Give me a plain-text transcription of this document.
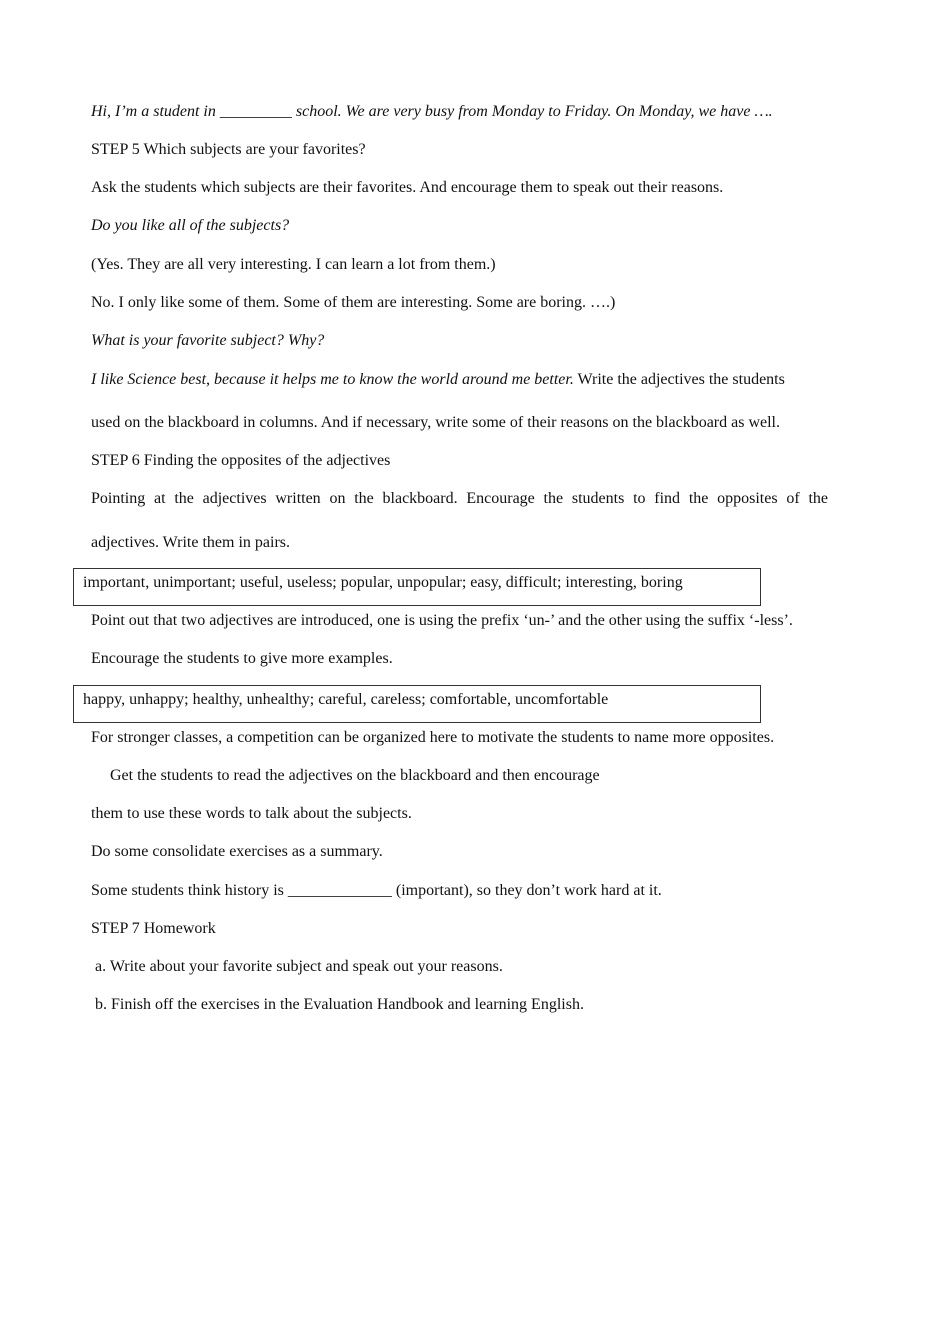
Hi, I’m a student in _________ school. We are very busy from Monday to Friday. On Monday, we have ….
STEP 5 Which subjects are your favorites?
Ask the students which subjects are their favorites. And encourage them to speak out their reasons.
Do you like all of the subjects?
(Yes. They are all very interesting. I can learn a lot from them.)
No. I only like some of them. Some of them are interesting. Some are boring. ….)
What is your favorite subject? Why?
I like Science best, because it helps me to know the world around me better. Write the adjectives the students
used on the blackboard in columns. And if necessary, write some of their reasons on the blackboard as well.
STEP 6 Finding the opposites of the adjectives
Pointing at the adjectives written on the blackboard. Encourage the students to find the opposites of the
adjectives. Write them in pairs.
important, unimportant; useful, useless; popular, unpopular; easy, difficult; interesting, boring
Point out that two adjectives are introduced, one is using the prefix ‘un-’ and the other using the suffix ‘-less’.
Encourage the students to give more examples.
happy, unhappy; healthy, unhealthy; careful, careless; comfortable, uncomfortable
For stronger classes, a competition can be organized here to motivate the students to name more opposites.
Get the students to read the adjectives on the blackboard and then encourage
them to use these words to talk about the subjects.
Do some consolidate exercises as a summary.
Some students think history is _____________ (important), so they don’t work hard at it.
STEP 7 Homework
a. Write about your favorite subject and speak out your reasons.
b. Finish off the exercises in the Evaluation Handbook and learning English.
